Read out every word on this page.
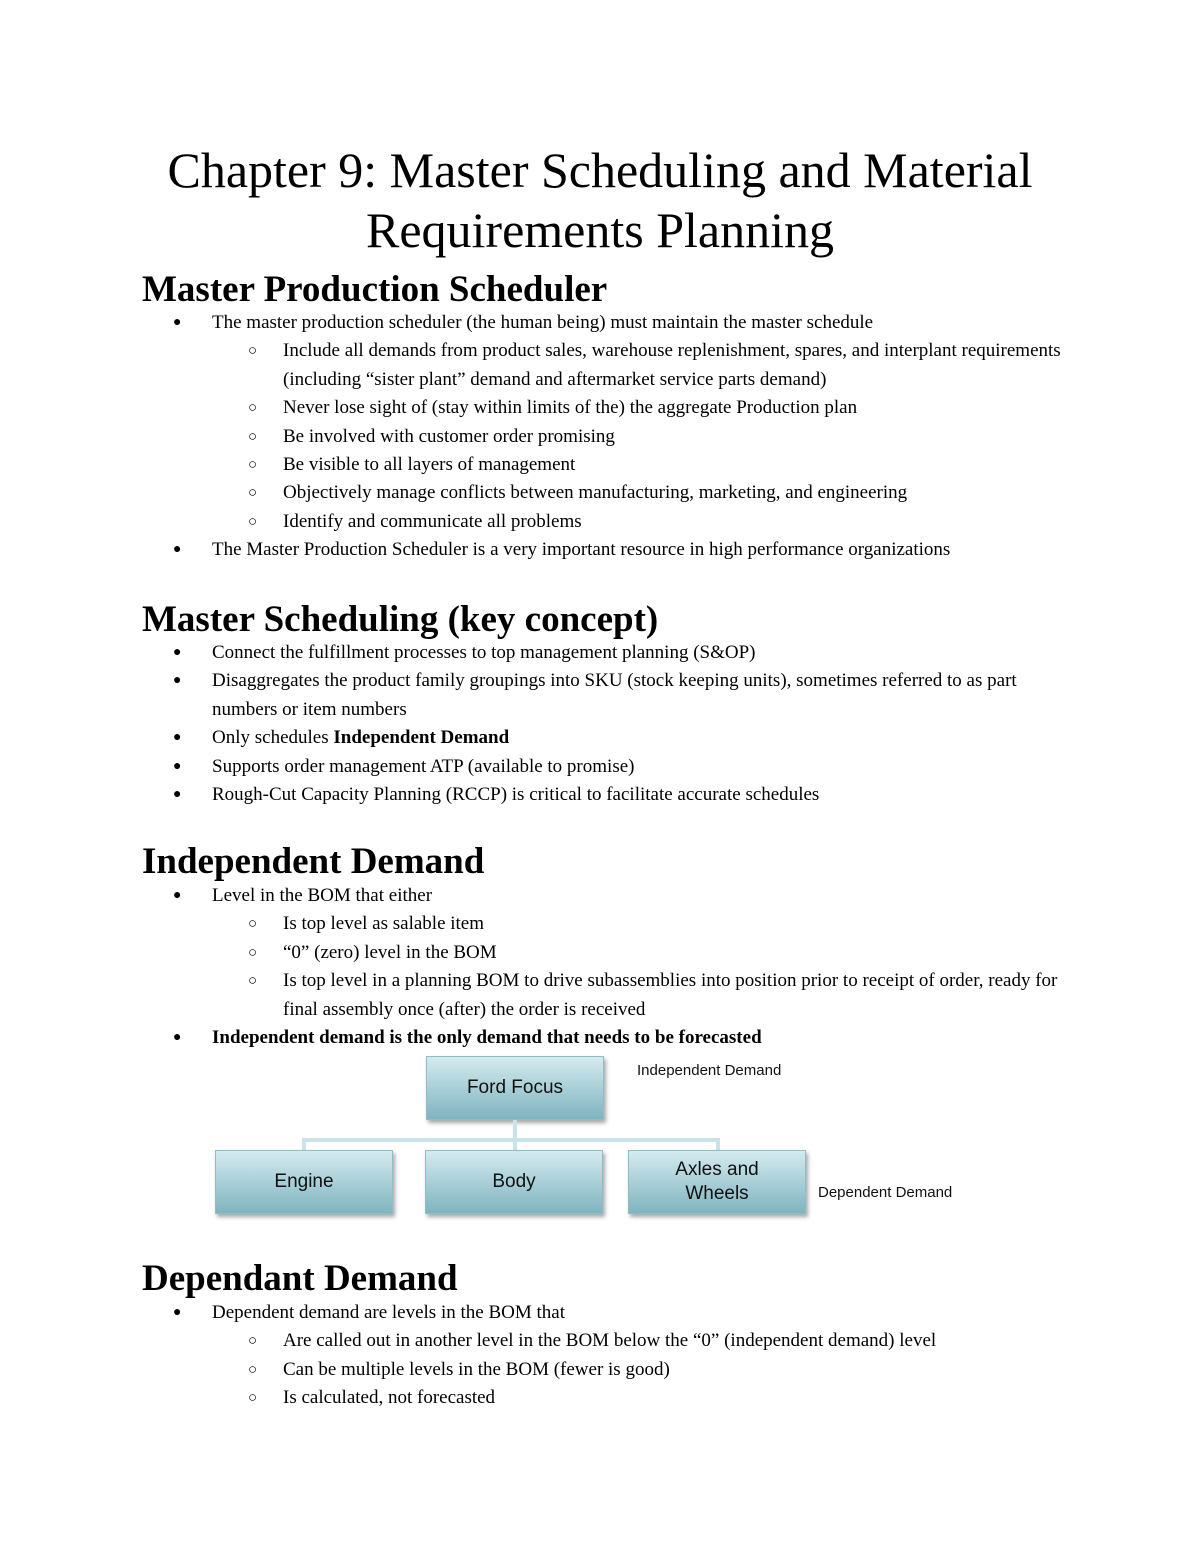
Chapter 9: Master Scheduling and Material Requirements Planning
Master Production Scheduler
● The master production scheduler (the human being) must maintain the master schedule
○ Include all demands from product sales, warehouse replenishment, spares, and interplant requirements (including “sister plant” demand and aftermarket service parts demand)
○ Never lose sight of (stay within limits of the) the aggregate Production plan
○ Be involved with customer order promising
○ Be visible to all layers of management
○ Objectively manage conflicts between manufacturing, marketing, and engineering
○ Identify and communicate all problems
● The Master Production Scheduler is a very important resource in high performance organizations
Master Scheduling (key concept)
● Connect the fulfillment processes to top management planning (S&OP)
● Disaggregates the product family groupings into SKU (stock keeping units), sometimes referred to as part numbers or item numbers
● Only schedules Independent Demand
● Supports order management ATP (available to promise)
● Rough-Cut Capacity Planning (RCCP) is critical to facilitate accurate schedules
Independent Demand
● Level in the BOM that either
○ Is top level as salable item
○ “0” (zero) level in the BOM
○ Is top level in a planning BOM to drive subassemblies into position prior to receipt of order, ready for final assembly once (after) the order is received
● Independent demand is the only demand that needs to be forecasted
Ford Focus
Independent Demand
Engine	Body
Axles and
Wheels	Dependent Demand
Dependant Demand
● Dependent demand are levels in the BOM that
○ Are called out in another level in the BOM below the “0” (independent demand) level
○ Can be multiple levels in the BOM (fewer is good)
○ Is calculated, not forecasted
